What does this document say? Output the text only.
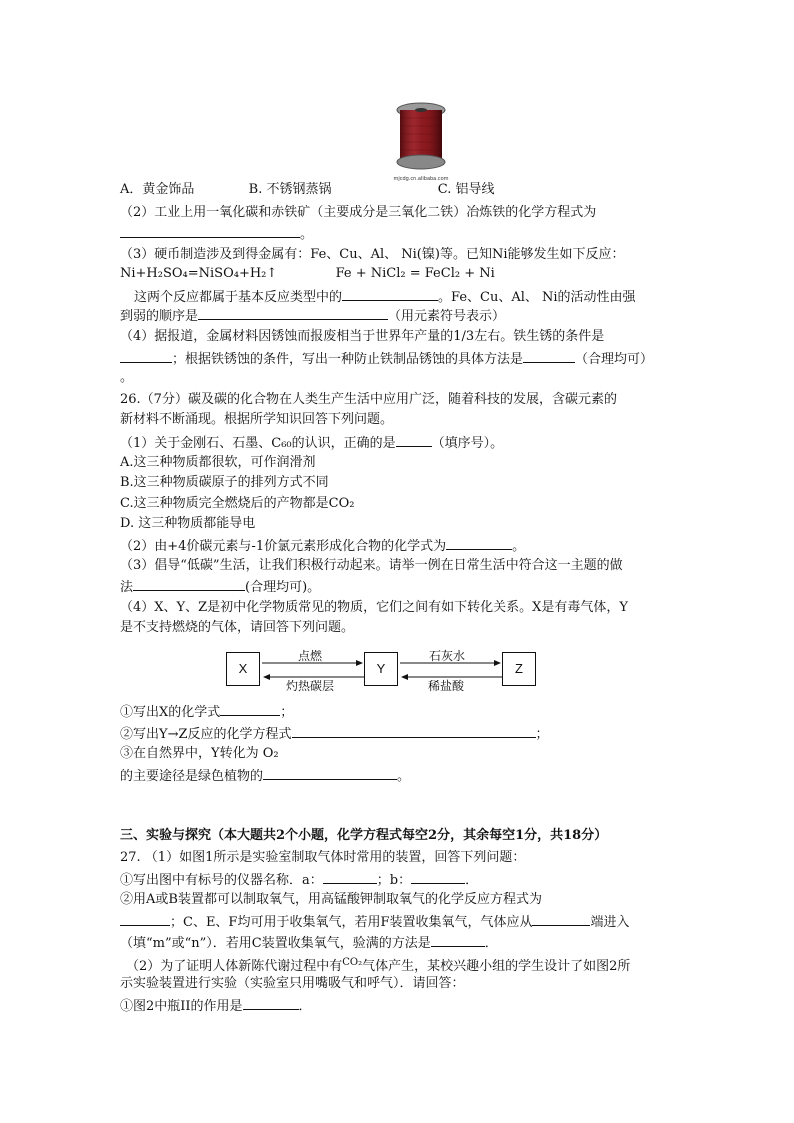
mjcdg.cn.alibaba.com
A．黄金饰品	B. 不锈钢蒸锅	C. 铝导线
（2）工业上用一氧化碳和赤铁矿（主要成分是三氧化二铁）冶炼铁的化学方程式为
。
（3）硬币制造涉及到得金属有：Fe、Cu、Al、 Ni(镍)等。已知Ni能够发生如下反应：
Ni+H₂SO₄=NiSO₄+H₂↑	Fe + NiCl₂ = FeCl₂ + Ni
这两个反应都属于基本反应类型中的	。Fe、Cu、Al、 Ni的活动性由强
到弱的顺序是	（用元素符号表示）
（4）据报道，金属材料因锈蚀而报废相当于世界年产量的1/3左右。铁生锈的条件是
；根据铁锈蚀的条件，写出一种防止铁制品锈蚀的具体方法是	（合理均可）
。
26.（7分）碳及碳的化合物在人类生产生活中应用广泛，随着科技的发展，含碳元素的
新材料不断涌现。根据所学知识回答下列问题。
（1）关于金刚石、石墨、C₆₀的认识，正确的是	（填序号）。
A.这三种物质都很软，可作润滑剂
B.这三种物质碳原子的排列方式不同
C.这三种物质完全燃烧后的产物都是CO₂
D. 这三种物质都能导电
（2）由+4价碳元素与-1价氯元素形成化合物的化学式为	。
（3）倡导“低碳”生活，让我们积极行动起来。请举一例在日常生活中符合这一主题的做
法	(合理均可)。
（4）X、Y、Z是初中化学物质常见的物质，它们之间有如下转化关系。X是有毒气体，Y
是不支持燃烧的气体，请回答下列问题。
X	Y	Z
点燃
灼热碳层
石灰水
稀盐酸
①写出X的化学式	；
②写出Y→Z反应的化学方程式	；
③在自然界中，Y转化为 O₂
的主要途径是绿色植物的	。
三、实验与探究（本大题共2个小题，化学方程式每空2分，其余每空1分，共18分）
27. （1）如图1所示是实验室制取气体时常用的装置，回答下列问题：
①写出图中有标号的仪器名称．a：	；b：	．
②用A或B装置都可以制取氧气，用高锰酸钾制取氧气的化学反应方程式为
；C、E、F均可用于收集氧气，若用F装置收集氧气，气体应从	端进入
（填“m”或“n”）．若用C装置收集氧气，验满的方法是	．
（2）为了证明人体新陈代谢过程中有$^{CO_2}$气体产生，某校兴趣小组的学生设计了如图2所
示实验装置进行实验（实验室只用嘴吸气和呼气）．请回答：
①图2中瓶II的作用是	．
